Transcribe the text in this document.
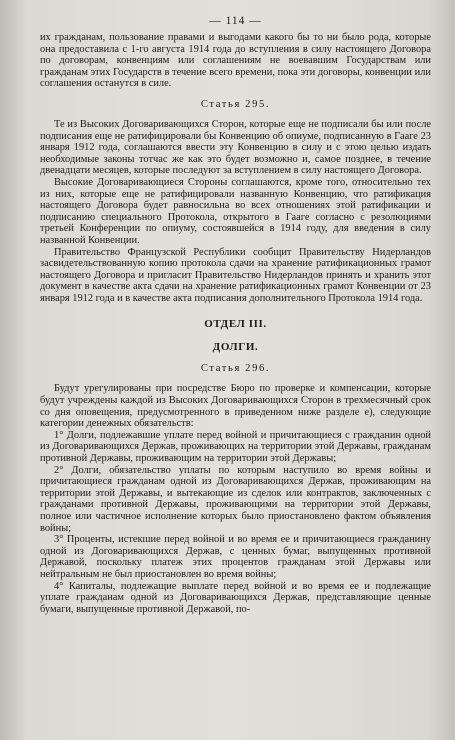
— 114 —

их гражданам, пользование правами и выгодами какого бы то ни было рода, которые она предоставила с 1-го августа 1914 года до вступления в силу настоящего Договора по договорам, конвенциям или соглашениям не воевавшим Государствам или гражданам этих Государств в течение всего времени, пока эти договоры, конвенции или соглашения останутся в силе.

Статья 295.

Те из Высоких Договаривающихся Сторон, которые еще не подписали бы или после подписания еще не ратифицировали бы Конвенцию об опиуме, подписанную в Гааге 23 января 1912 года, соглашаются ввести эту Конвенцию в силу и с этою целью издать необходимые законы тотчас же как это будет возможно и, самое позднее, в течение двенадцати месяцев, которые последуют за вступлением в силу настоящего Договора.

Высокие Договаривающиеся Стороны соглашаются, кроме того, относительно тех из них, которые еще не ратифицировали названную Конвенцию, что ратификация настоящего Договора будет равносильна во всех отношениях этой ратификации и подписанию специального Протокола, открытого в Гааге согласно с резолюциями третьей Конференции по опиуму, состоявшейся в 1914 году, для введения в силу названной Конвенции.

Правительство Французской Республики сообщит Правительству Нидерландов засвидетельствованную копию протокола сдачи на хранение ратификационных грамот настоящего Договора и пригласит Правительство Нидерландов принять и хранить этот документ в качестве акта сдачи на хранение ратификационных грамот Конвенции от 23 января 1912 года и в качестве акта подписания дополнительного Протокола 1914 года.

ОТДЕЛ III.
ДОЛГИ.
Статья 296.

Будут урегулированы при посредстве Бюро по проверке и компенсации, которые будут учреждены каждой из Высоких Договаривающихся Сторон в трехмесячный срок со дня оповещения, предусмотренного в приведенном ниже разделе е), следующие категории денежных обязательств:

1° Долги, подлежавшие уплате перед войной и причитающиеся с гражданин одной из Договаривающихся Держав, проживающих на территории этой Державы, гражданам противной Державы, проживающим на территории этой Державы;

2° Долги, обязательство уплаты по которым наступило во время войны и причитающиеся гражданам одной из Договаривающихся Держав, проживающим на территории этой Державы, и вытекающие из сделок или контрактов, заключенных с гражданами противной Державы, проживающими на территории этой Державы, полное или частичное исполнение которых было приостановлено фактом объявления войны;

3° Проценты, истекшие перед войной и во время ее и причитающиеся гражданину одной из Договаривающихся Держав, с ценных бумаг, выпущенных противной Державой, поскольку платеж этих процентов гражданам этой Державы или нейтральным не был приостановлен во время войны;

4° Капиталы, подлежащие выплате перед войной и во время ее и подлежащие уплате гражданам одной из Договаривающихся Держав, представляющие ценные бумаги, выпущенные противной Державой, по-
